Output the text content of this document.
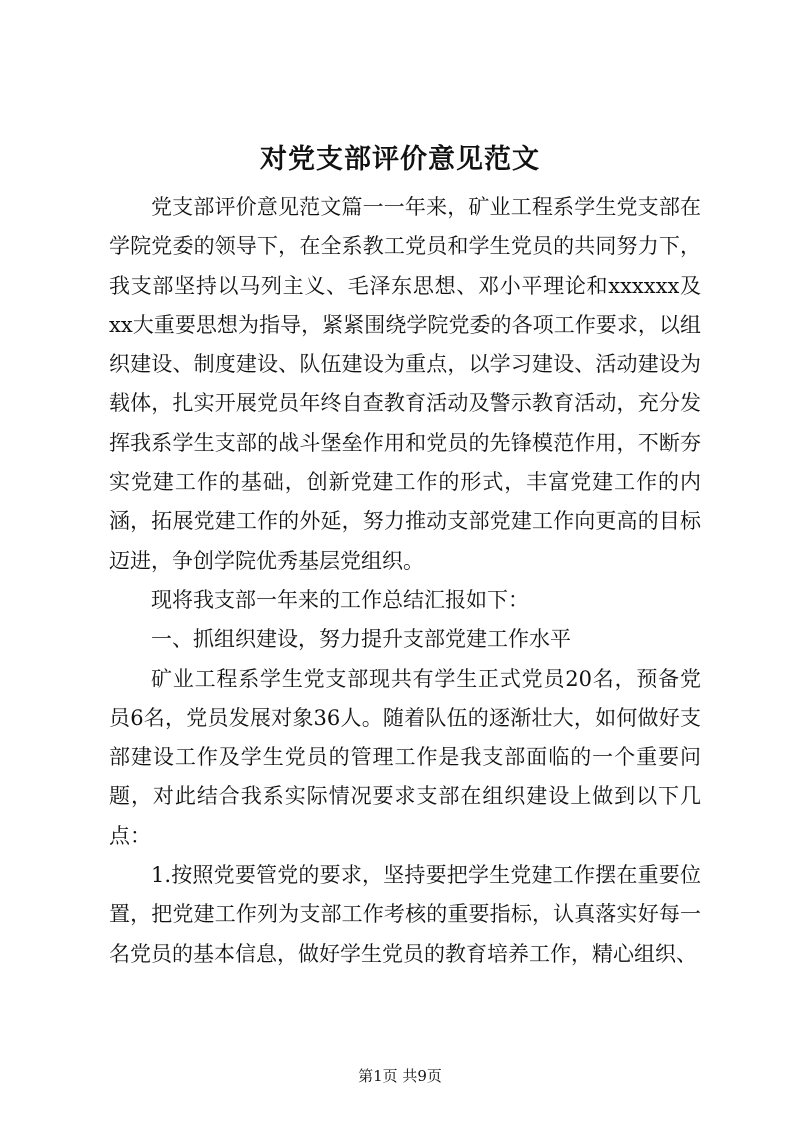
对党支部评价意见范文

党支部评价意见范文篇一一年来，矿业工程系学生党支部在学院党委的领导下，在全系教工党员和学生党员的共同努力下，我支部坚持以马列主义、毛泽东思想、邓小平理论和xxxxxx及xx大重要思想为指导，紧紧围绕学院党委的各项工作要求，以组织建设、制度建设、队伍建设为重点，以学习建设、活动建设为载体，扎实开展党员年终自查教育活动及警示教育活动，充分发挥我系学生支部的战斗堡垒作用和党员的先锋模范作用，不断夯实党建工作的基础，创新党建工作的形式，丰富党建工作的内涵，拓展党建工作的外延，努力推动支部党建工作向更高的目标迈进，争创学院优秀基层党组织。

现将我支部一年来的工作总结汇报如下：

一、抓组织建设，努力提升支部党建工作水平

矿业工程系学生党支部现共有学生正式党员20名，预备党员6名，党员发展对象36人。随着队伍的逐渐壮大，如何做好支部建设工作及学生党员的管理工作是我支部面临的一个重要问题，对此结合我系实际情况要求支部在组织建设上做到以下几点：

1.按照党要管党的要求，坚持要把学生党建工作摆在重要位置，把党建工作列为支部工作考核的重要指标，认真落实好每一名党员的基本信息，做好学生党员的教育培养工作，精心组织、

第1页 共9页
